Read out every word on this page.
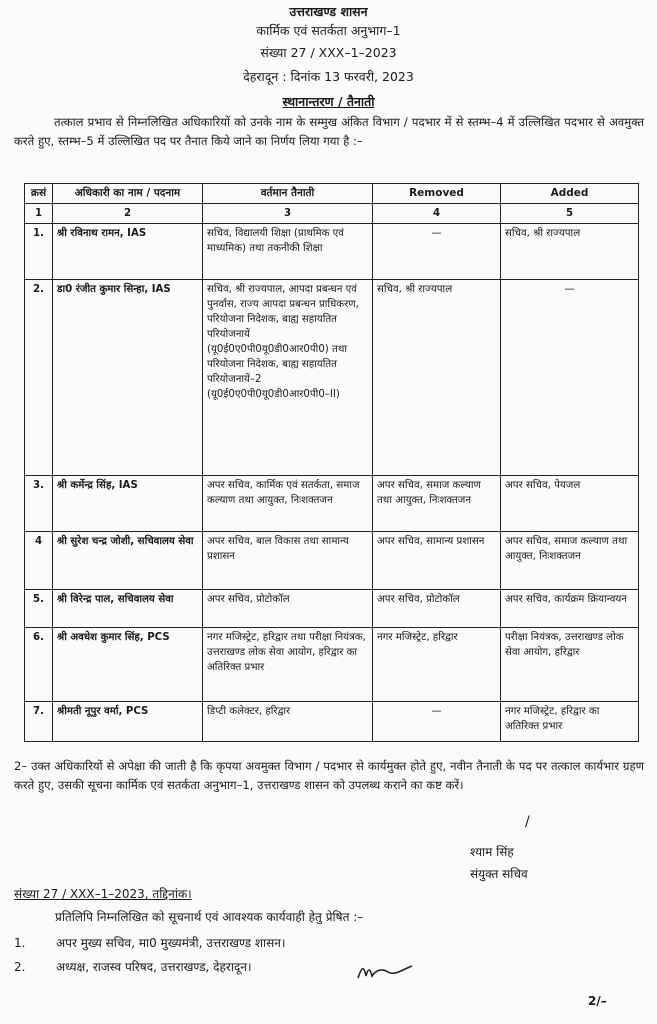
उत्तराखण्ड शासन
कार्मिक एवं सतर्कता अनुभाग–1
संख्या 27 / XXX–1–2023
देहरादून : दिनांक 13 फरवरी, 2023
स्थानान्तरण / तैनाती
तत्काल प्रभाव से निम्नलिखित अधिकारियों को उनके नाम के सम्मुख अंकित विभाग / पदभार में से स्तम्भ–4 में उल्लिखित पदभार से अवमुक्त करते हुए, स्तम्भ–5 में उल्लिखित पद पर तैनात किये जाने का निर्णय लिया गया है :–
क्रसं	अधिकारी का नाम / पदनाम	वर्तमान तैनाती	Removed	Added
1	2	3	4	5
1.	श्री रविनाथ रामन, IAS	सचिव, विद्यालयी शिक्षा (प्राथमिक एवं माध्यमिक) तथा तकनीकी शिक्षा	—	सचिव, श्री राज्यपाल
2.	डा0 रंजीत कुमार सिन्हा, IAS	सचिव, श्री राज्यपाल, आपदा प्रबन्धन एवं पुनर्वास, राज्य आपदा प्रबन्धन प्राधिकरण, परियोजना निदेशक, बाह्य सहायतित परियोजनायें (यू0ई0ए0पी0यू0डी0आर0पी0) तथा परियोजना निदेशक, बाह्य सहायतित परियोजनायें–2 (यू0ई0ए0पी0यू0डी0आर0पी0–II)	सचिव, श्री राज्यपाल	—
3.	श्री कर्मेन्द्र सिंह, IAS	अपर सचिव, कार्मिक एवं सतर्कता, समाज कल्याण तथा आयुक्त, निःशक्तजन	अपर सचिव, समाज कल्याण तथा आयुक्त, निःशक्तजन	अपर सचिव, पेयजल
4	श्री सुरेश चन्द्र जोशी, सचिवालय सेवा	अपर सचिव, बाल विकास तथा सामान्य प्रशासन	अपर सचिव, सामान्य प्रशासन	अपर सचिव, समाज कल्याण तथा आयुक्त, निःशक्तजन
5.	श्री विरेन्द्र पाल, सचिवालय सेवा	अपर सचिव, प्रोटोकॉल	अपर सचिव, प्रोटोकॉल	अपर सचिव, कार्यक्रम क्रियान्वयन
6.	श्री अवधेश कुमार सिंह, PCS	नगर मजिस्ट्रेट, हरिद्वार तथा परीक्षा नियंत्रक, उत्तराखण्ड लोक सेवा आयोग, हरिद्वार का अतिरिक्त प्रभार	नगर मजिस्ट्रेट, हरिद्वार	परीक्षा नियंत्रक, उत्तराखण्ड लोक सेवा आयोग, हरिद्वार
7.	श्रीमती नूपुर वर्मा, PCS	डिप्टी कलेक्टर, हरिद्वार	—	नगर मजिस्ट्रेट, हरिद्वार का अतिरिक्त प्रभार
2– उक्त अधिकारियों से अपेक्षा की जाती है कि कृपया अवमुक्त विभाग / पदभार से कार्यमुक्त होते हुए, नवीन तैनाती के पद पर तत्काल कार्यभार ग्रहण करते हुए, उसकी सूचना कार्मिक एवं सतर्कता अनुभाग–1, उत्तराखण्ड शासन को उपलब्ध कराने का कष्ट करें।
/
श्याम सिंह
संयुक्त सचिव
संख्या 27 / XXX–1–2023, तद्दिनांक।
प्रतिलिपि निम्नलिखित को सूचनार्थ एवं आवश्यक कार्यवाही हेतु प्रेषित :–
1.	अपर मुख्य सचिव, मा0 मुख्यमंत्री, उत्तराखण्ड शासन।
2.	अध्यक्ष, राजस्व परिषद, उत्तराखण्ड, देहरादून।
2/–
